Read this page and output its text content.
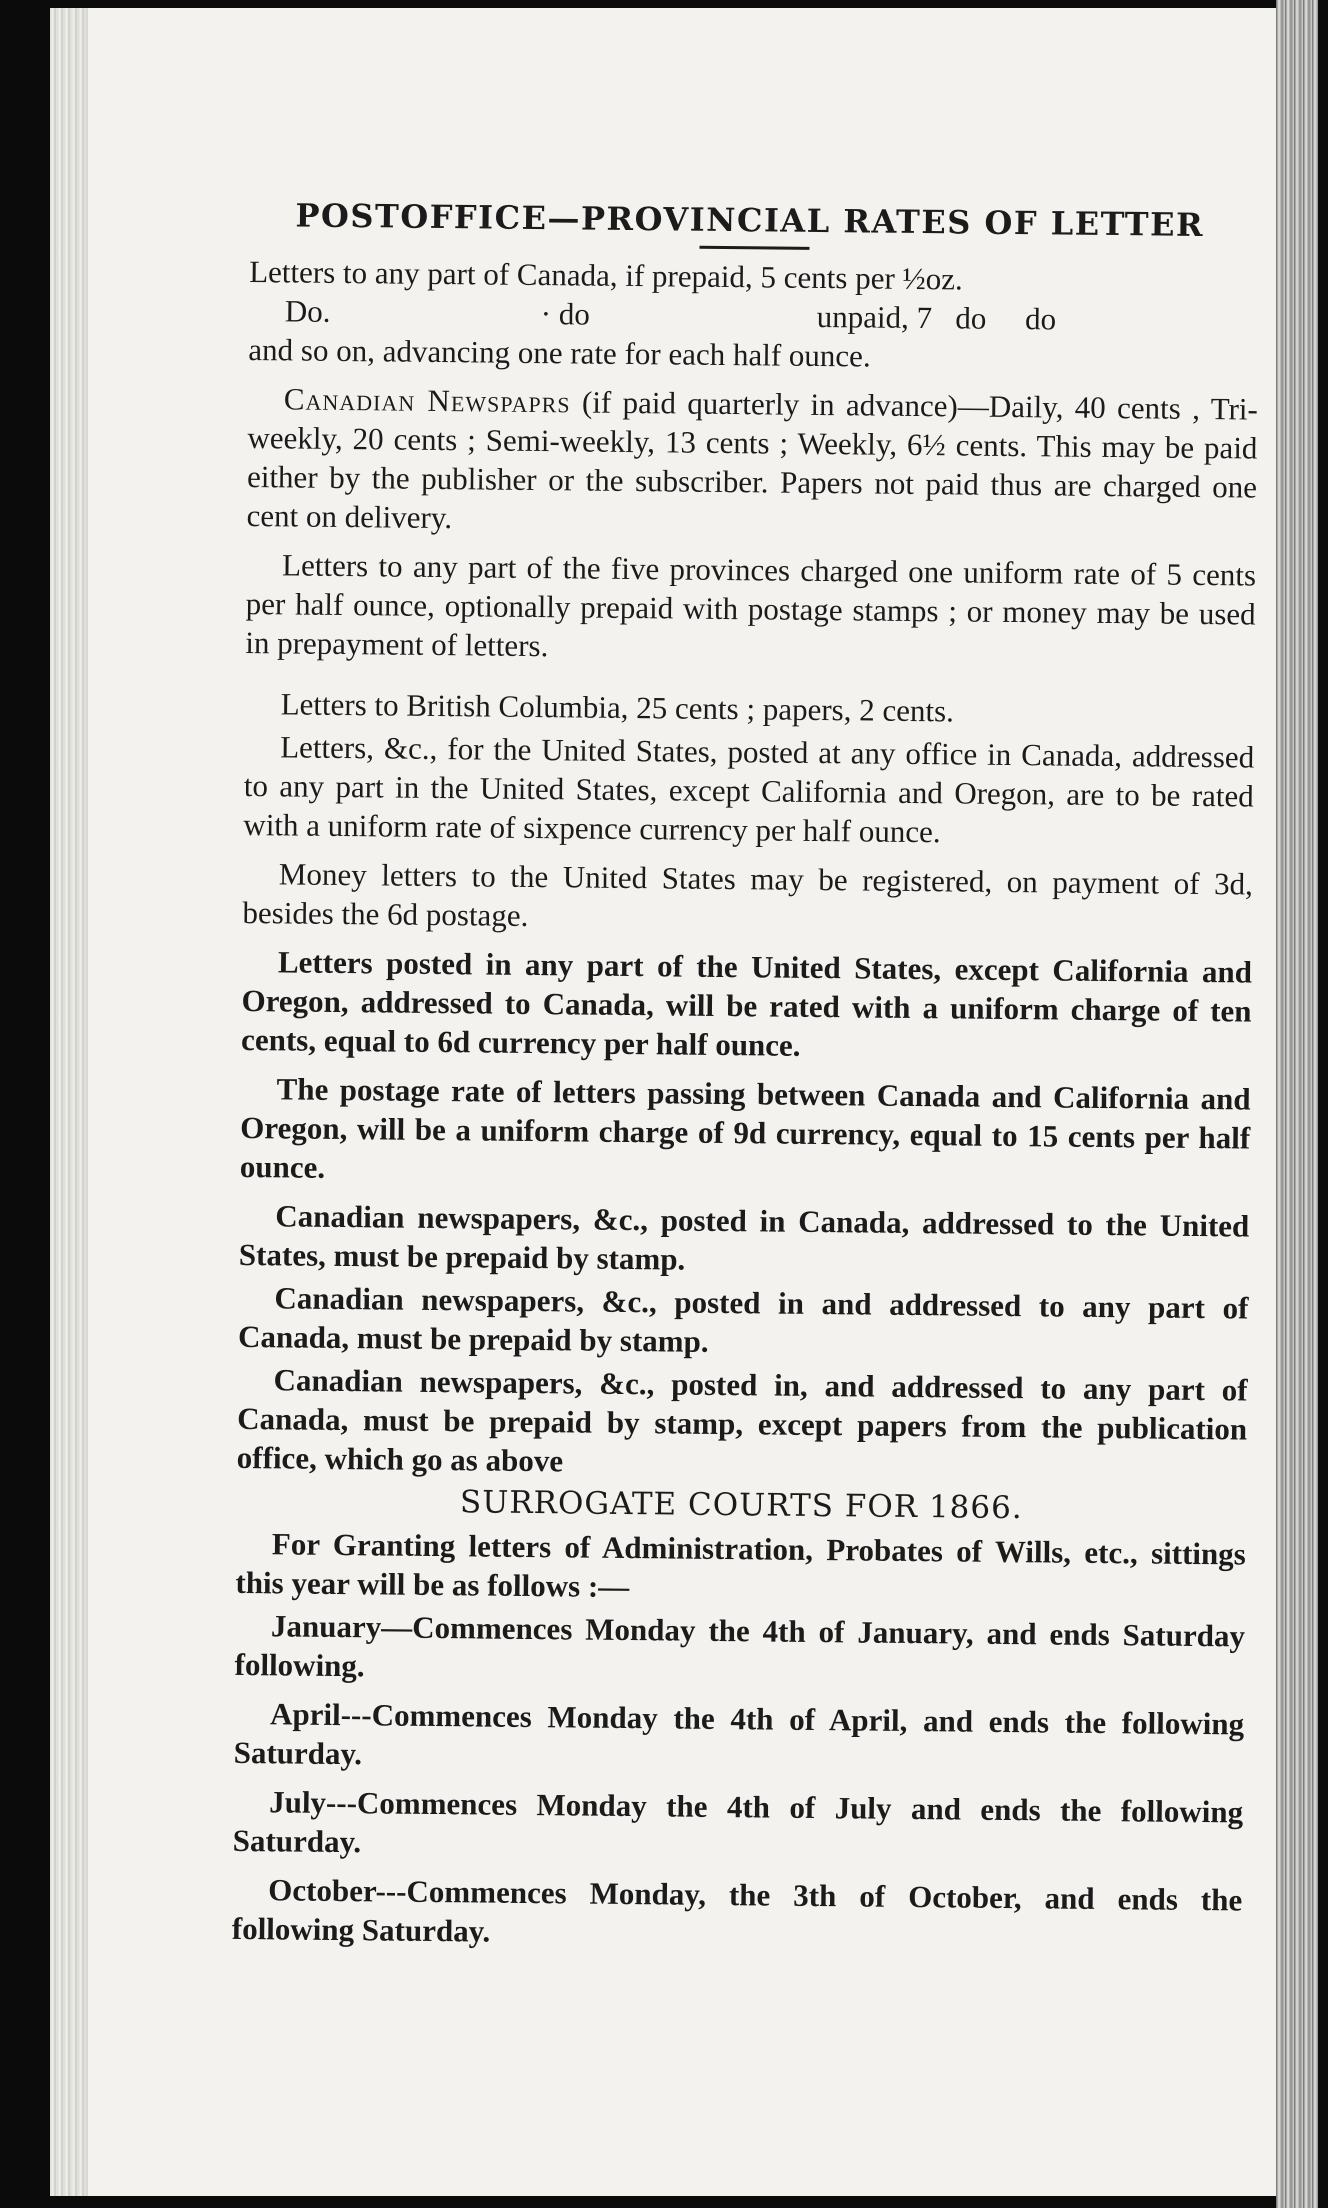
POSTOFFICE—PROVINCIAL RATES OF LETTER
Letters to any part of Canada, if prepaid, 5 cents per ½oz.
Do.	· do	unpaid, 7   do     do
and so on, advancing one rate for each half ounce.
Canadian Newspaprs (if paid quarterly in advance)—Daily, 40 cents , Tri-weekly, 20 cents ; Semi-weekly, 13 cents ; Weekly, 6½ cents. This may be paid either by the publisher or the subscriber. Papers not paid thus are charged one cent on delivery.
Letters to any part of the five provinces charged one uniform rate of 5 cents per half ounce, optionally prepaid with postage stamps ; or money may be used in prepayment of letters.
Letters to British Columbia, 25 cents ; papers, 2 cents.
Letters, &c., for the United States, posted at any office in Canada, addressed to any part in the United States, except California and Oregon, are to be rated with a uniform rate of sixpence currency per half ounce.
Money letters to the United States may be registered, on payment of 3d, besides the 6d postage.
Letters posted in any part of the United States, except California and Oregon, addressed to Canada, will be rated with a uniform charge of ten cents, equal to 6d currency per half ounce.
The postage rate of letters passing between Canada and California and Oregon, will be a uniform charge of 9d currency, equal to 15 cents per half ounce.
Canadian newspapers, &c., posted in Canada, addressed to the United States, must be prepaid by stamp.
Canadian newspapers, &c., posted in and addressed to any part of Canada, must be prepaid by stamp.
Canadian newspapers, &c., posted in, and addressed to any part of Canada, must be prepaid by stamp, except papers from the publication office, which go as above
SURROGATE COURTS FOR 1866.
For Granting letters of Administration, Probates of Wills, etc., sittings this year will be as follows :—
January—Commences Monday the 4th of January, and ends Saturday following.
April---Commences Monday the 4th of April, and ends the following Saturday.
July---Commences Monday the 4th of July and ends the following Saturday.
October---Commences Monday, the 3th of October, and ends the following Saturday.
